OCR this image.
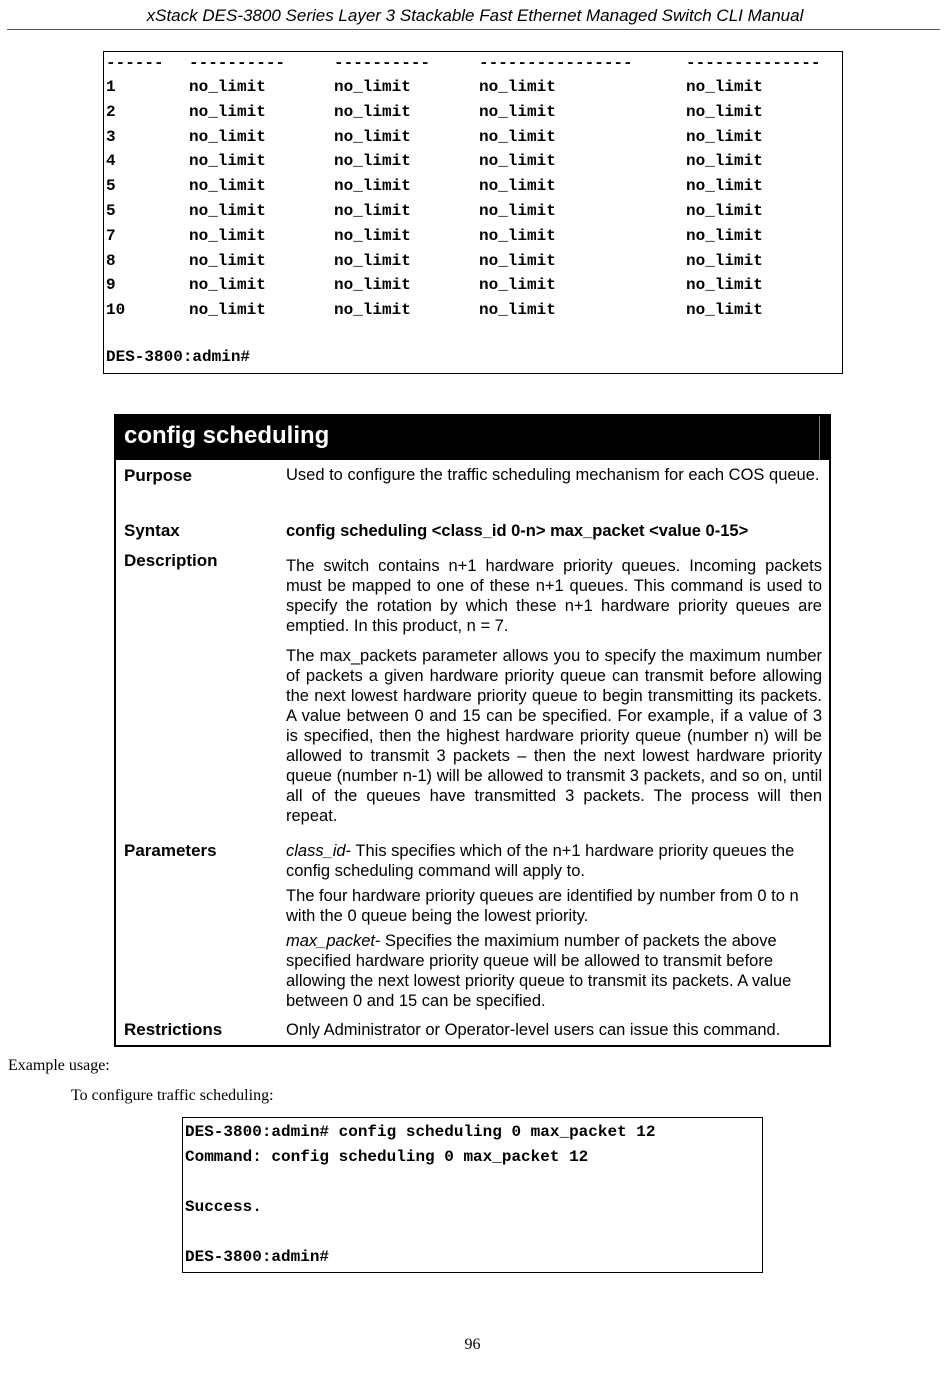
xStack DES-3800 Series Layer 3 Stackable Fast Ethernet Managed Switch CLI Manual
------ ----------	----------	----------------	--------------
1	no_limit	no_limit	no_limit	no_limit
2	no_limit	no_limit	no_limit	no_limit
3	no_limit	no_limit	no_limit	no_limit
4	no_limit	no_limit	no_limit	no_limit
5	no_limit	no_limit	no_limit	no_limit
5	no_limit	no_limit	no_limit	no_limit
7	no_limit	no_limit	no_limit	no_limit
8	no_limit	no_limit	no_limit	no_limit
9	no_limit	no_limit	no_limit	no_limit
10	no_limit	no_limit	no_limit	no_limit
DES-3800:admin#
config scheduling
Purpose	Used to configure the traffic scheduling mechanism for each COS queue.
Syntax	config scheduling <class_id 0-n> max_packet <value 0-15>
Description	The switch contains n+1 hardware priority queues. Incoming packets must be mapped to one of these n+1 queues. This command is used to specify the rotation by which these n+1 hardware priority queues are emptied. In this product, n = 7.
The max_packets parameter allows you to specify the maximum number of packets a given hardware priority queue can transmit before allowing the next lowest hardware priority queue to begin transmitting its packets. A value between 0 and 15 can be specified. For example, if a value of 3 is specified, then the highest hardware priority queue (number n) will be allowed to transmit 3 packets – then the next lowest hardware priority queue (number n-1) will be allowed to transmit 3 packets, and so on, until all of the queues have transmitted 3 packets. The process will then repeat.
Parameters	class_id- This specifies which of the n+1 hardware priority queues the config scheduling command will apply to.
The four hardware priority queues are identified by number from 0 to n with the 0 queue being the lowest priority.
max_packet- Specifies the maximium number of packets the above specified hardware priority queue will be allowed to transmit before allowing the next lowest priority queue to transmit its packets. A value between 0 and 15 can be specified.
Restrictions	Only Administrator or Operator-level users can issue this command.
Example usage:
To configure traffic scheduling:
DES-3800:admin# config scheduling 0 max_packet 12
Command: config scheduling 0 max_packet 12
Success.
DES-3800:admin#
96
